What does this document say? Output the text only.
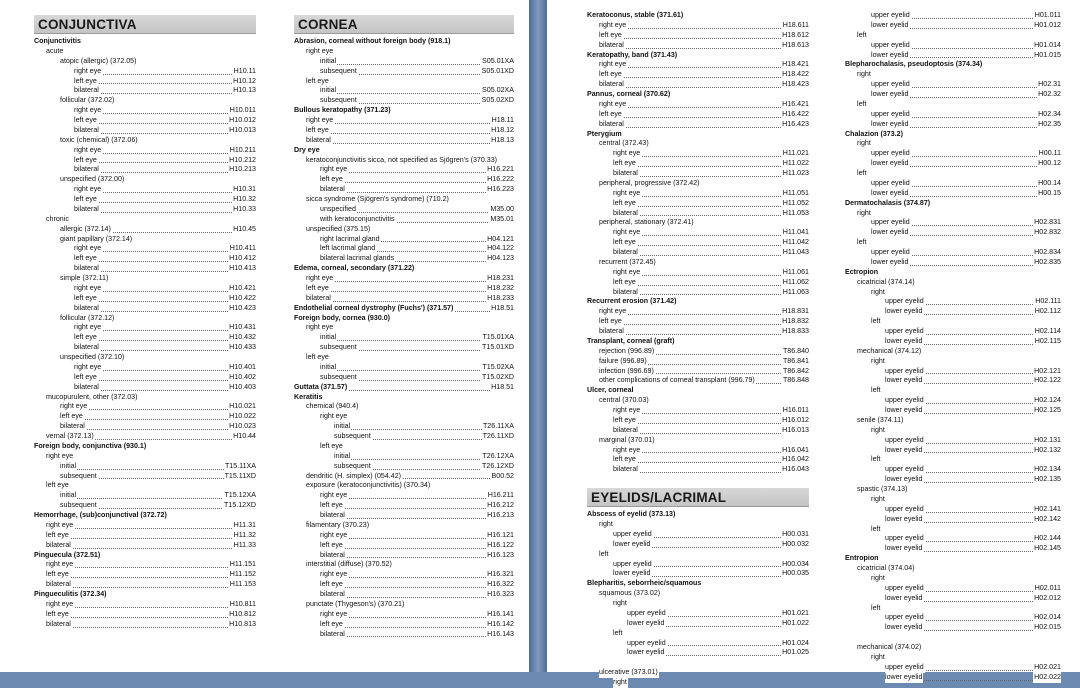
CONJUNCTIVA
Conjunctivitis
acute
atopic (allergic) (372.05)
right eye	H10.11
left eye	H10.12
bilateral	H10.13
follicular (372.02)
right eye	H10.011
left eye	H10.012
bilateral	H10.013
toxic (chemical) (372.06)
right eye	H10.211
left eye	H10.212
bilateral	H10.213
unspecified (372.00)
right eye	H10.31
left eye	H10.32
bilateral	H10.33
chronic
allergic (372.14)	H10.45
giant papillary (372.14)
right eye	H10.411
left eye	H10.412
bilateral	H10.413
simple (372.11)
right eye	H10.421
left eye	H10.422
bilateral	H10.423
follicular (372.12)
right eye	H10.431
left eye	H10.432
bilateral	H10.433
unspecified (372.10)
right eye	H10.401
left eye	H10.402
bilateral	H10.403
mucopurulent, other (372.03)
right eye	H10.021
left eye	H10.022
bilateral	H10.023
vernal (372.13)	H10.44
Foreign body, conjunctiva (930.1)
right eye
initial	T15.11XA
subsequent	T15.11XD
left eye
initial	T15.12XA
subsequent	T15.12XD
Hemorrhage, (sub)conjunctival (372.72)
right eye	H11.31
left eye	H11.32
bilateral	H11.33
Pinguecula (372.51)
right eye	H11.151
left eye	H11.152
bilateral	H11.153
Pingueculitis (372.34)
right eye	H10.811
left eye	H10.812
bilateral	H10.813
CORNEA
Abrasion, corneal without foreign body (918.1)
right eye
initial	S05.01XA
subsequent	S05.01XD
left eye
initial	S05.02XA
subsequent	S05.02XD
Bullous keratopathy (371.23)
right eye	H18.11
left eye	H18.12
bilateral	H18.13
Dry eye
keratoconjunctivitis sicca, not specified as Sjögren's (370.33)
right eye	H16.221
left eye	H16.222
bilateral	H16.223
sicca syndrome (Sjögren's syndrome) (710.2)
unspecified	M35.00
with keratoconjunctivitis	M35.01
unspecified (375.15)
right lacrimal gland	H04.121
left lacrimal gland	H04.122
bilateral lacrimal glands	H04.123
Edema, corneal, secondary (371.22)
right eye	H18.231
left eye	H18.232
bilateral	H18.233
Endothelial corneal dystrophy (Fuchs') (371.57)	H18.51
Foreign body, cornea (930.0)
right eye
initial	T15.01XA
subsequent	T15.01XD
left eye
initial	T15.02XA
subsequent	T15.02XD
Guttata (371.57)	H18.51
Keratitis
chemical (940.4)
right eye
initial	T26.11XA
subsequent	T26.11XD
left eye
initial	T26.12XA
subsequent	T26.12XD
dendritic (H. simplex) (054.42)	B00.52
exposure (keratoconjunctivitis) (370.34)
right eye	H16.211
left eye	H16.212
bilateral	H16.213
filamentary (370.23)
right eye	H16.121
left eye	H16.122
bilateral	H16.123
interstitial (diffuse) (370.52)
right eye	H16.321
left eye	H16.322
bilateral	H16.323
punctate (Thygeson's) (370.21)
right eye	H16.141
left eye	H16.142
bilateral	H16.143
Keratoconus, stable (371.61)
right eye	H18.611
left eye	H18.612
bilateral	H18.613
Keratopathy, band (371.43)
right eye	H18.421
left eye	H18.422
bilateral	H18.423
Pannus, corneal (370.62)
right eye	H16.421
left eye	H16.422
bilateral	H16.423
Pterygium
central (372.43)
right eye	H11.021
left eye	H11.022
bilateral	H11.023
peripheral, progressive (372.42)
right eye	H11.051
left eye	H11.052
bilateral	H11.053
peripheral, stationary (372.41)
right eye	H11.041
left eye	H11.042
bilateral	H11.043
recurrent (372.45)
right eye	H11.061
left eye	H11.062
bilateral	H11.063
Recurrent erosion (371.42)
right eye	H18.831
left eye	H18.832
bilateral	H18.833
Transplant, corneal (graft)
rejection (996.89)	T86.840
failure (996.89)	T86.841
infection (996.69)	T86.842
other complications of corneal transplant (996.79)	T86.848
Ulcer, corneal
central (370.03)
right eye	H16.011
left eye	H16.012
bilateral	H16.013
marginal (370.01)
right eye	H16.041
left eye	H16.042
bilateral	H16.043
EYELIDS/LACRIMAL
Abscess of eyelid (373.13)
right
upper eyelid	H00.031
lower eyelid	H00.032
left
upper eyelid	H00.034
lower eyelid	H00.035
Blepharitis, seborrheic/squamous
squamous (373.02)
right
upper eyelid	H01.021
lower eyelid	H01.022
left
upper eyelid	H01.024
lower eyelid	H01.025
ulcerative (373.01)
right
upper eyelid	H01.011
lower eyelid	H01.012
left
upper eyelid	H01.014
lower eyelid	H01.015
Blepharochalasis, pseudoptosis (374.34)
right
upper eyelid	H02.31
lower eyelid	H02.32
left
upper eyelid	H02.34
lower eyelid	H02.35
Chalazion (373.2)
right
upper eyelid	H00.11
lower eyelid	H00.12
left
upper eyelid	H00.14
lower eyelid	H00.15
Dermatochalasis (374.87)
right
upper eyelid	H02.831
lower eyelid	H02.832
left
upper eyelid	H02.834
lower eyelid	H02.835
Ectropion
cicatricial (374.14)
right
upper eyelid	H02.111
lower eyelid	H02.112
left
upper eyelid	H02.114
lower eyelid	H02.115
mechanical (374.12)
right
upper eyelid	H02.121
lower eyelid	H02.122
left
upper eyelid	H02.124
lower eyelid	H02.125
senile (374.11)
right
upper eyelid	H02.131
lower eyelid	H02.132
left
upper eyelid	H02.134
lower eyelid	H02.135
spastic (374.13)
right
upper eyelid	H02.141
lower eyelid	H02.142
left
upper eyelid	H02.144
lower eyelid	H02.145
Entropion
cicatricial (374.04)
right
upper eyelid	H02.011
lower eyelid	H02.012
left
upper eyelid	H02.014
lower eyelid	H02.015
mechanical (374.02)
right
upper eyelid	H02.021
lower eyelid	H02.022
